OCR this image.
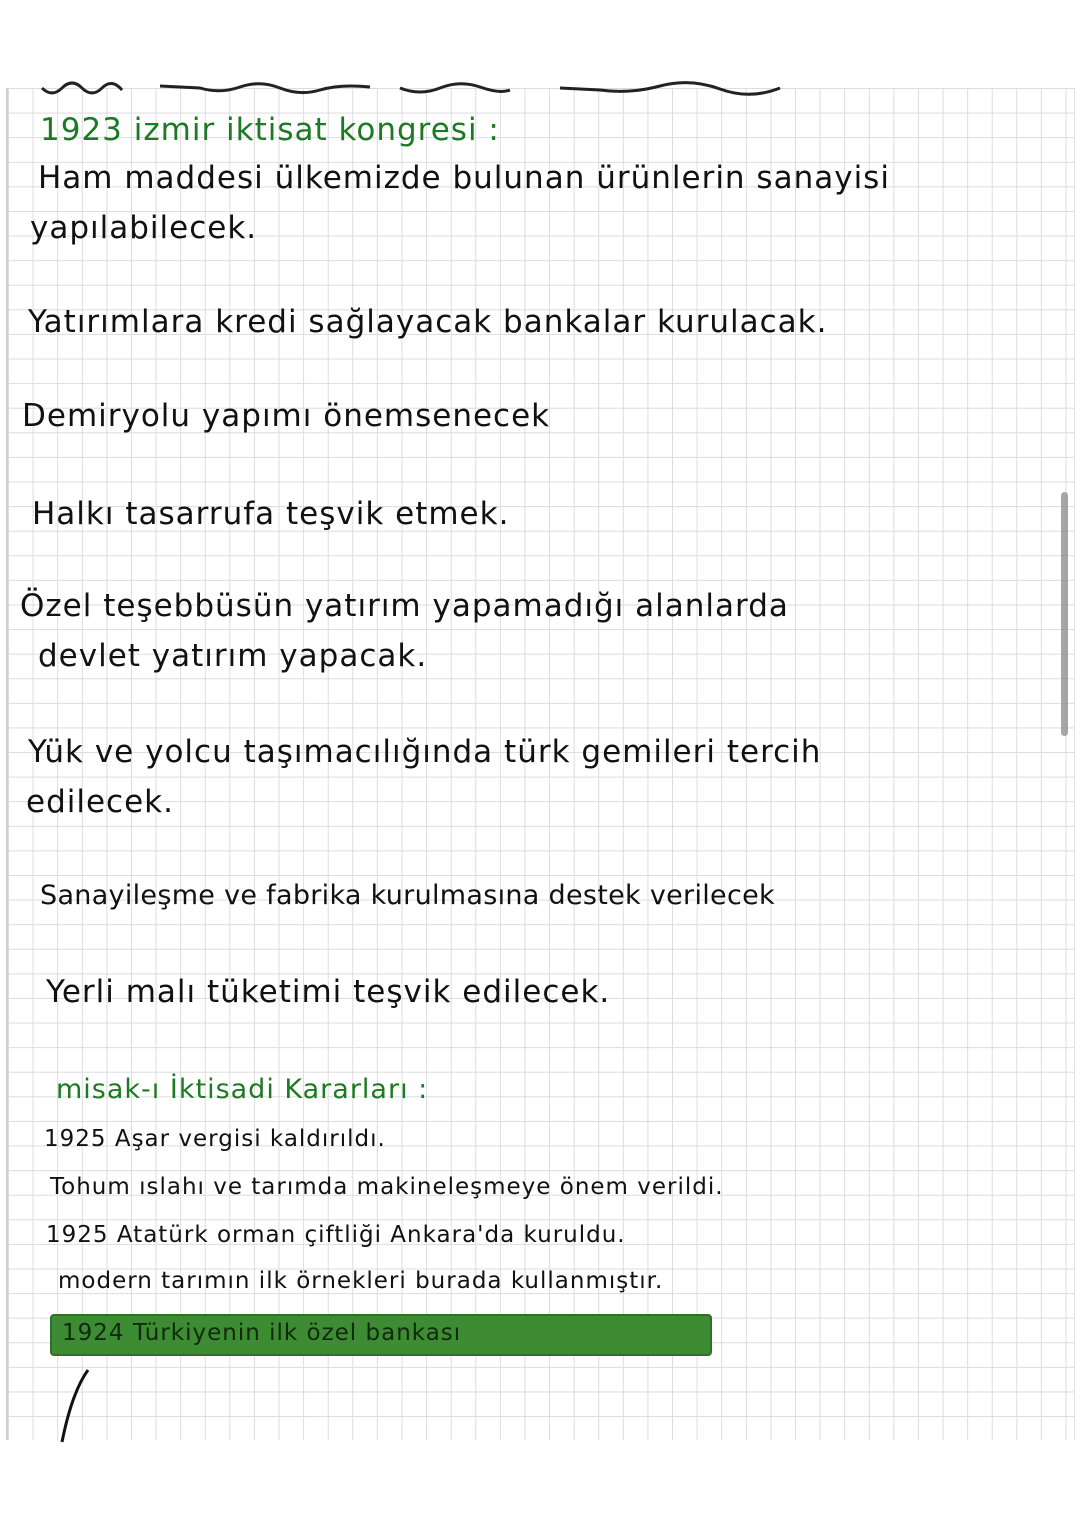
1923 izmir iktisat kongresi :
Ham maddesi ülkemizde bulunan ürünlerin sanayisi
yapılabilecek.
Yatırımlara kredi sağlayacak bankalar kurulacak.
Demiryolu yapımı önemsenecek
Halkı tasarrufa teşvik etmek.
Özel teşebbüsün yatırım yapamadığı alanlarda
devlet yatırım yapacak.
Yük ve yolcu taşımacılığında türk gemileri tercih
edilecek.
Sanayileşme ve fabrika kurulmasına destek verilecek
Yerli malı tüketimi teşvik edilecek.
misak-ı İktisadi Kararları :
1925 Aşar vergisi kaldırıldı.
Tohum ıslahı ve tarımda makineleşmeye önem verildi.
1925 Atatürk orman çiftliği Ankara'da kuruldu.
modern tarımın ilk örnekleri burada kullanmıştır.
1924 Türkiyenin ilk özel bankası
